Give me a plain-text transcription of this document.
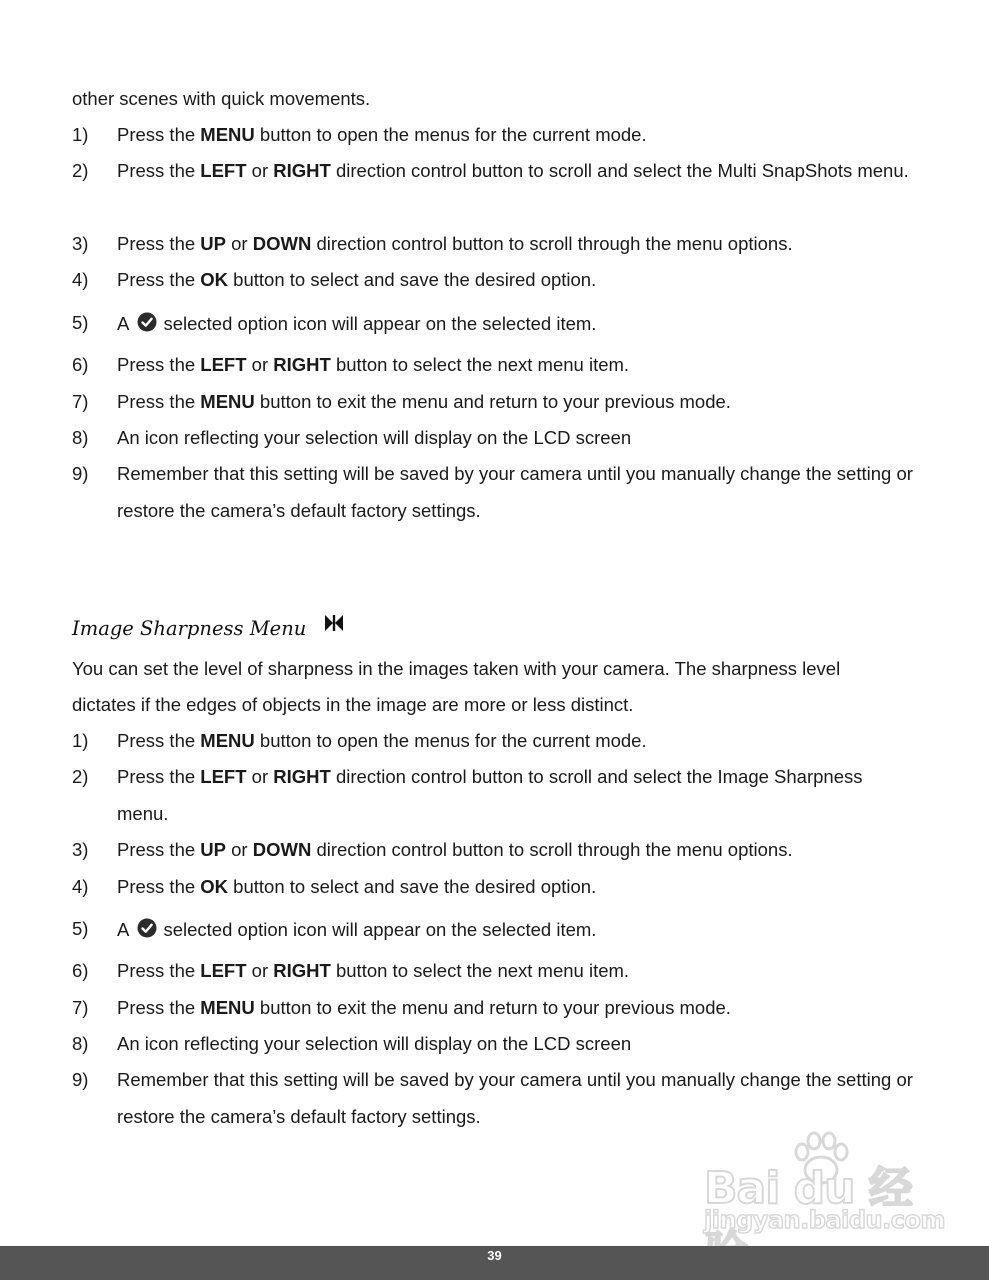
other scenes with quick movements.
1) Press the MENU button to open the menus for the current mode.
2) Press the LEFT or RIGHT direction control button to scroll and select the Multi SnapShots menu.
3) Press the UP or DOWN direction control button to scroll through the menu options.
4) Press the OK button to select and save the desired option.
5) A selected option icon will appear on the selected item.
6) Press the LEFT or RIGHT button to select the next menu item.
7) Press the MENU button to exit the menu and return to your previous mode.
8) An icon reflecting your selection will display on the LCD screen
9) Remember that this setting will be saved by your camera until you manually change the setting or restore the camera’s default factory settings.
Image Sharpness Menu
You can set the level of sharpness in the images taken with your camera. The sharpness level
dictates if the edges of objects in the image are more or less distinct.
1) Press the MENU button to open the menus for the current mode.
2) Press the LEFT or RIGHT direction control button to scroll and select the Image Sharpness menu.
3) Press the UP or DOWN direction control button to scroll through the menu options.
4) Press the OK button to select and save the desired option.
5) A selected option icon will appear on the selected item.
6) Press the LEFT or RIGHT button to select the next menu item.
7) Press the MENU button to exit the menu and return to your previous mode.
8) An icon reflecting your selection will display on the LCD screen
9) Remember that this setting will be saved by your camera until you manually change the setting or restore the camera’s default factory settings.
Bai du 经
jingyan.baidu.com
39
